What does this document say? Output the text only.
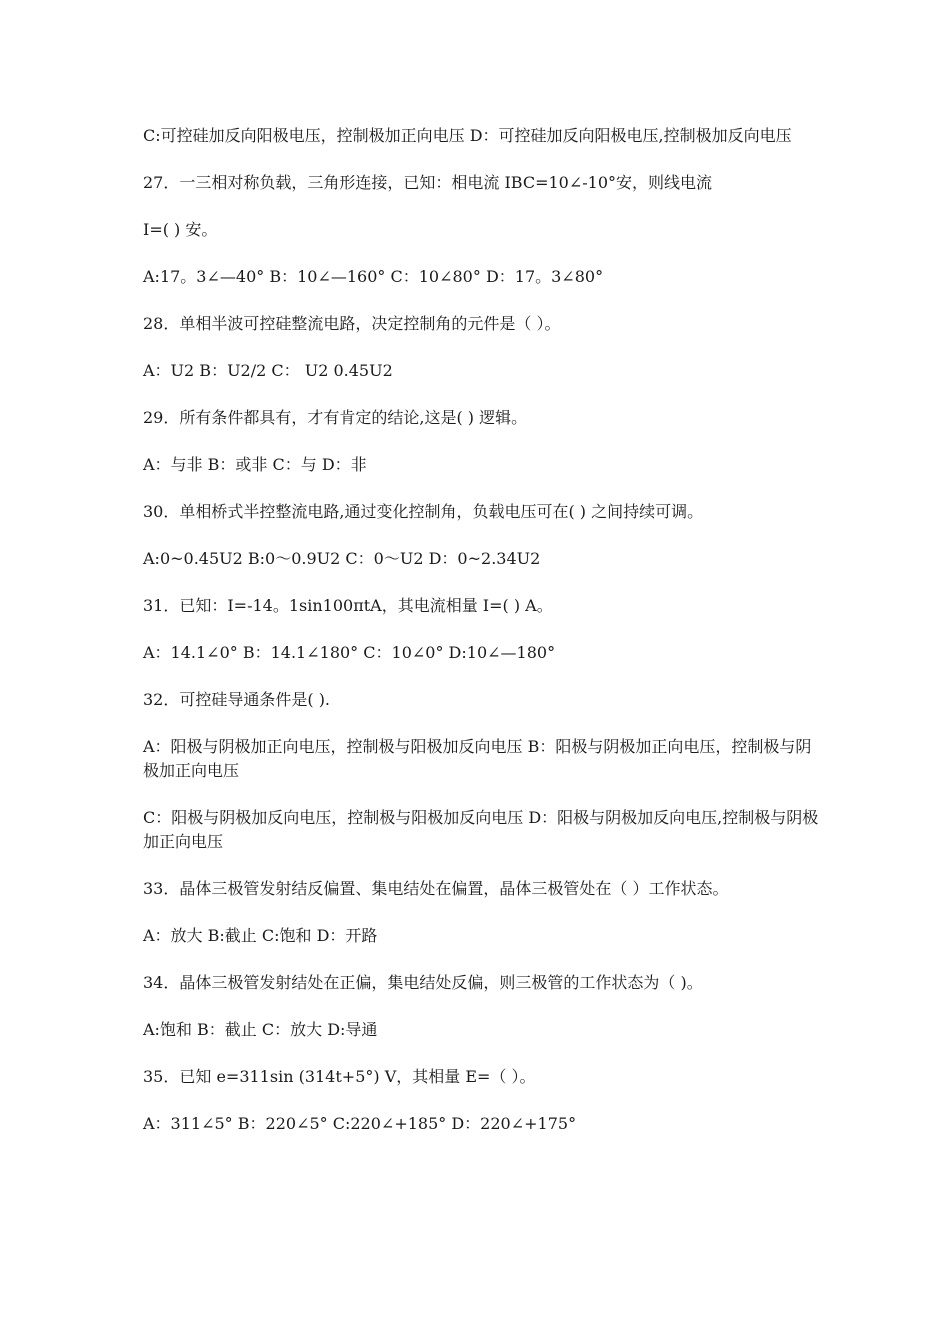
C:可控硅加反向阳极电压，控制极加正向电压 D：可控硅加反向阳极电压,控制极加反向电压

27．一三相对称负载，三角形连接，已知：相电流 IBC=10∠-10°安，则线电流

I=( ) 安。

A:17。3∠—40° B：10∠—160° C：10∠80° D：17。3∠80°

28．单相半波可控硅整流电路，决定控制角的元件是（ ）。

A：U2 B：U2/2 C： U2 0.45U2

29．所有条件都具有，才有肯定的结论,这是( ) 逻辑。

A：与非 B：或非 C：与 D：非

30．单相桥式半控整流电路,通过变化控制角，负载电压可在( ) 之间持续可调。

A:0~0.45U2 B:0～0.9U2 C：0～U2 D：0~2.34U2

31．已知：I=-14。1sin100πtA，其电流相量 I=( ) A。

A：14.1∠0° B：14.1∠180° C：10∠0° D:10∠—180°

32．可控硅导通条件是( ).

A：阳极与阴极加正向电压，控制极与阳极加反向电压 B：阳极与阴极加正向电压，控制极与阴极加正向电压

C：阳极与阴极加反向电压，控制极与阳极加反向电压 D：阳极与阴极加反向电压,控制极与阴极加正向电压

33．晶体三极管发射结反偏置、集电结处在偏置，晶体三极管处在（ ）工作状态。

A：放大 B:截止 C:饱和 D：开路

34．晶体三极管发射结处在正偏，集电结处反偏，则三极管的工作状态为（ )。

A:饱和 B：截止 C：放大 D:导通

35．已知 e=311sin (314t+5°) V，其相量 E=（ ）。

A：311∠5° B：220∠5° C:220∠+185° D：220∠+175°
